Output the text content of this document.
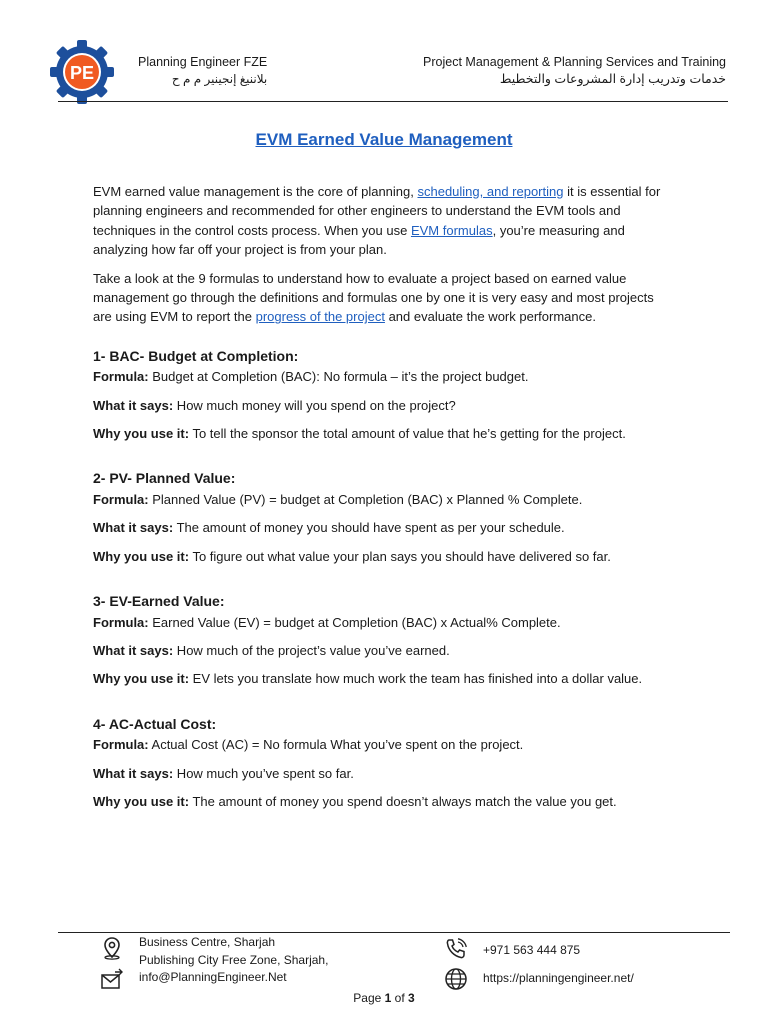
PE
Planning Engineer FZE
بلاننيغ إنجينير م م ح
Project Management & Planning Services and Training
خدمات وتدريب إدارة المشروعات والتخطيط
EVM Earned Value Management

EVM earned value management is the core of planning, scheduling, and reporting it is essential for planning engineers and recommended for other engineers to understand the EVM tools and techniques in the control costs process. When you use EVM formulas, you’re measuring and analyzing how far off your project is from your plan.

Take a look at the 9 formulas to understand how to evaluate a project based on earned value management go through the definitions and formulas one by one it is very easy and most projects are using EVM to report the progress of the project and evaluate the work performance.

1- BAC- Budget at Completion:
Formula: Budget at Completion (BAC): No formula – it’s the project budget.
What it says: How much money will you spend on the project?
Why you use it: To tell the sponsor the total amount of value that he’s getting for the project.
2- PV- Planned Value:
Formula: Planned Value (PV) = budget at Completion (BAC) x Planned % Complete.
What it says: The amount of money you should have spent as per your schedule.
Why you use it: To figure out what value your plan says you should have delivered so far.
3- EV-Earned Value:
Formula: Earned Value (EV) = budget at Completion (BAC) x Actual% Complete.
What it says: How much of the project’s value you’ve earned.
Why you use it: EV lets you translate how much work the team has finished into a dollar value.
4- AC-Actual Cost:
Formula: Actual Cost (AC) = No formula What you’ve spent on the project.
What it says: How much you’ve spent so far.
Why you use it: The amount of money you spend doesn’t always match the value you get.
Business Centre, Sharjah
Publishing City Free Zone, Sharjah,
info@PlanningEngineer.Net
+971 563 444 875
https://planningengineer.net/
Page 1 of 3
